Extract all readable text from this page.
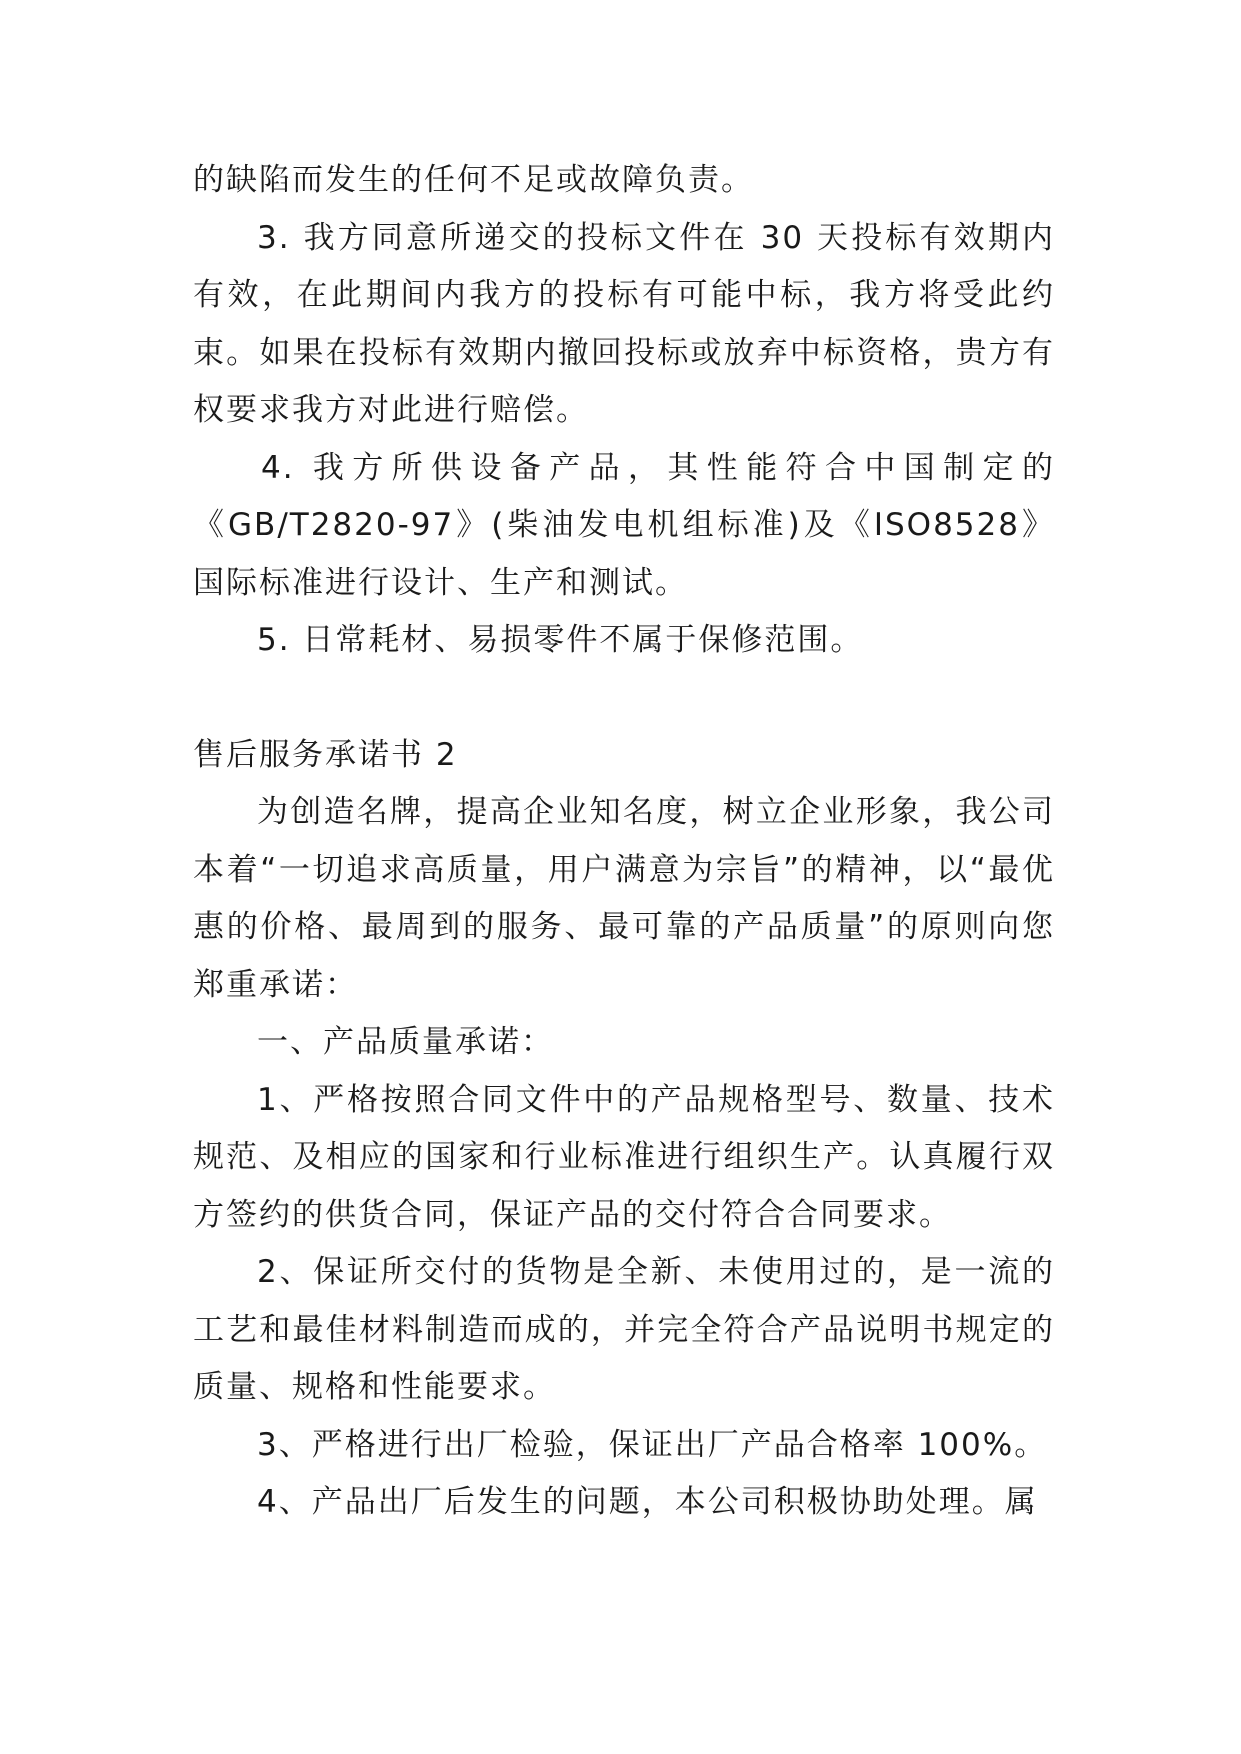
的缺陷而发生的任何不足或故障负责。

3. 我方同意所递交的投标文件在 30 天投标有效期内有效，在此期间内我方的投标有可能中标，我方将受此约束。如果在投标有效期内撤回投标或放弃中标资格，贵方有权要求我方对此进行赔偿。

4. 我方所供设备产品，其性能符合中国制定的《GB/T2820-97》(柴油发电机组标准)及《ISO8528》国际标准进行设计、生产和测试。

5. 日常耗材、易损零件不属于保修范围。

售后服务承诺书 2

为创造名牌，提高企业知名度，树立企业形象，我公司本着“一切追求高质量，用户满意为宗旨”的精神，以“最优惠的价格、最周到的服务、最可靠的产品质量”的原则向您郑重承诺：

一、产品质量承诺：

1、严格按照合同文件中的产品规格型号、数量、技术规范、及相应的国家和行业标准进行组织生产。认真履行双方签约的供货合同，保证产品的交付符合合同要求。

2、保证所交付的货物是全新、未使用过的，是一流的工艺和最佳材料制造而成的，并完全符合产品说明书规定的质量、规格和性能要求。

3、严格进行出厂检验，保证出厂产品合格率 100%。

4、产品出厂后发生的问题，本公司积极协助处理。属
